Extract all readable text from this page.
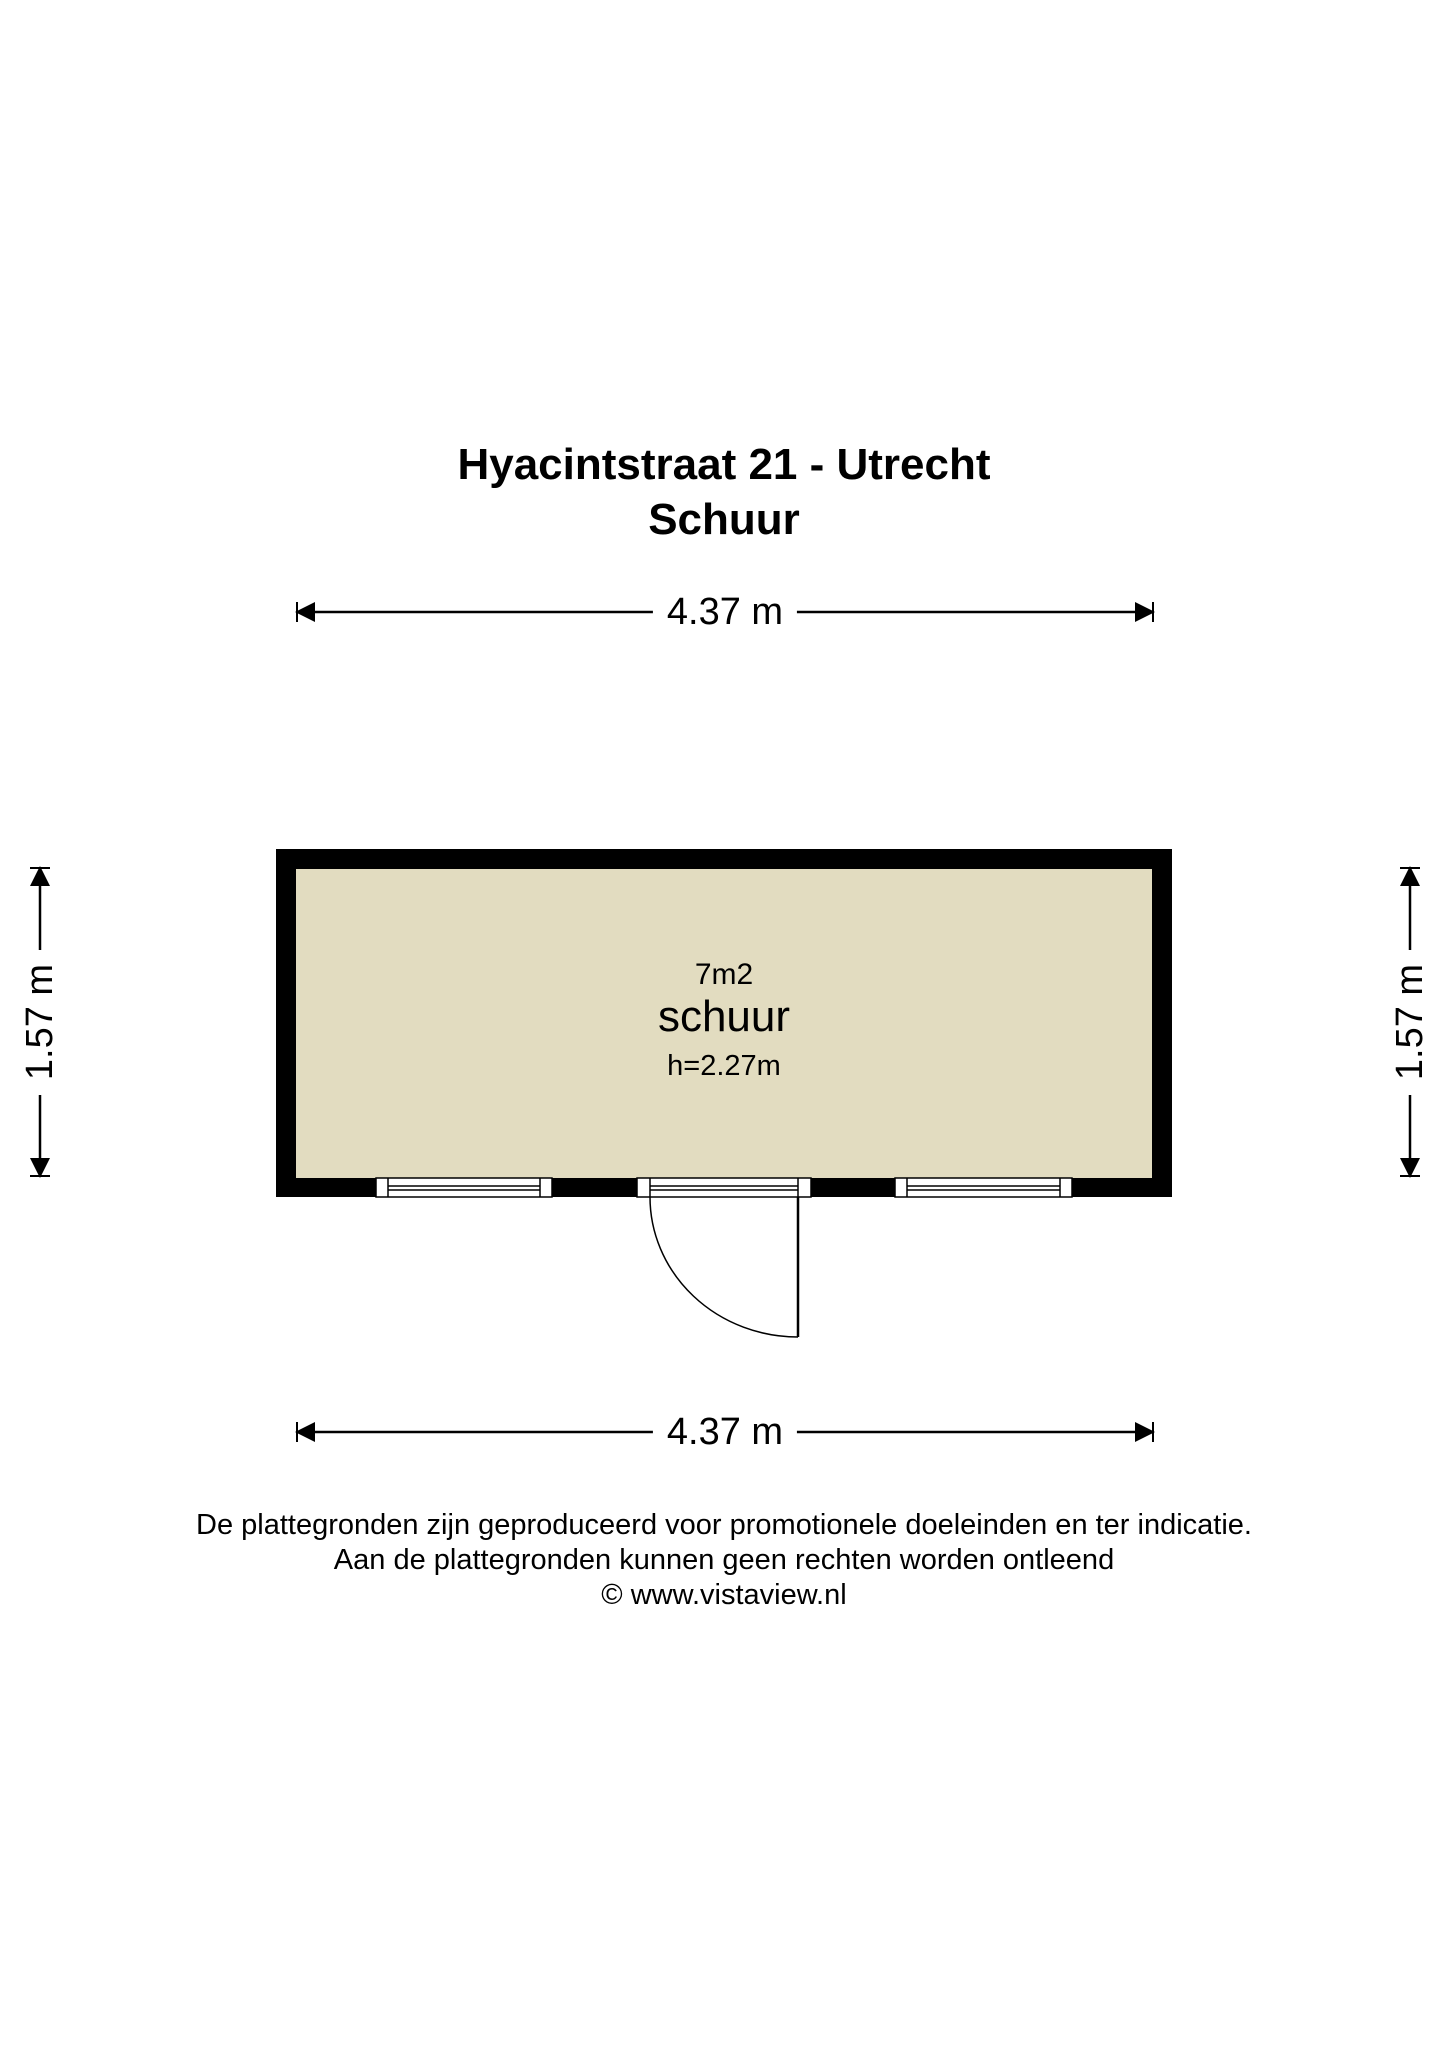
Hyacintstraat 21 - Utrecht
Schuur
4.37 m
4.37 m
1.57 m	1.57 m
7m2
schuur
h=2.27m
De plattegronden zijn geproduceerd voor promotionele doeleinden en ter indicatie.
Aan de plattegronden kunnen geen rechten worden ontleend
© www.vistaview.nl
